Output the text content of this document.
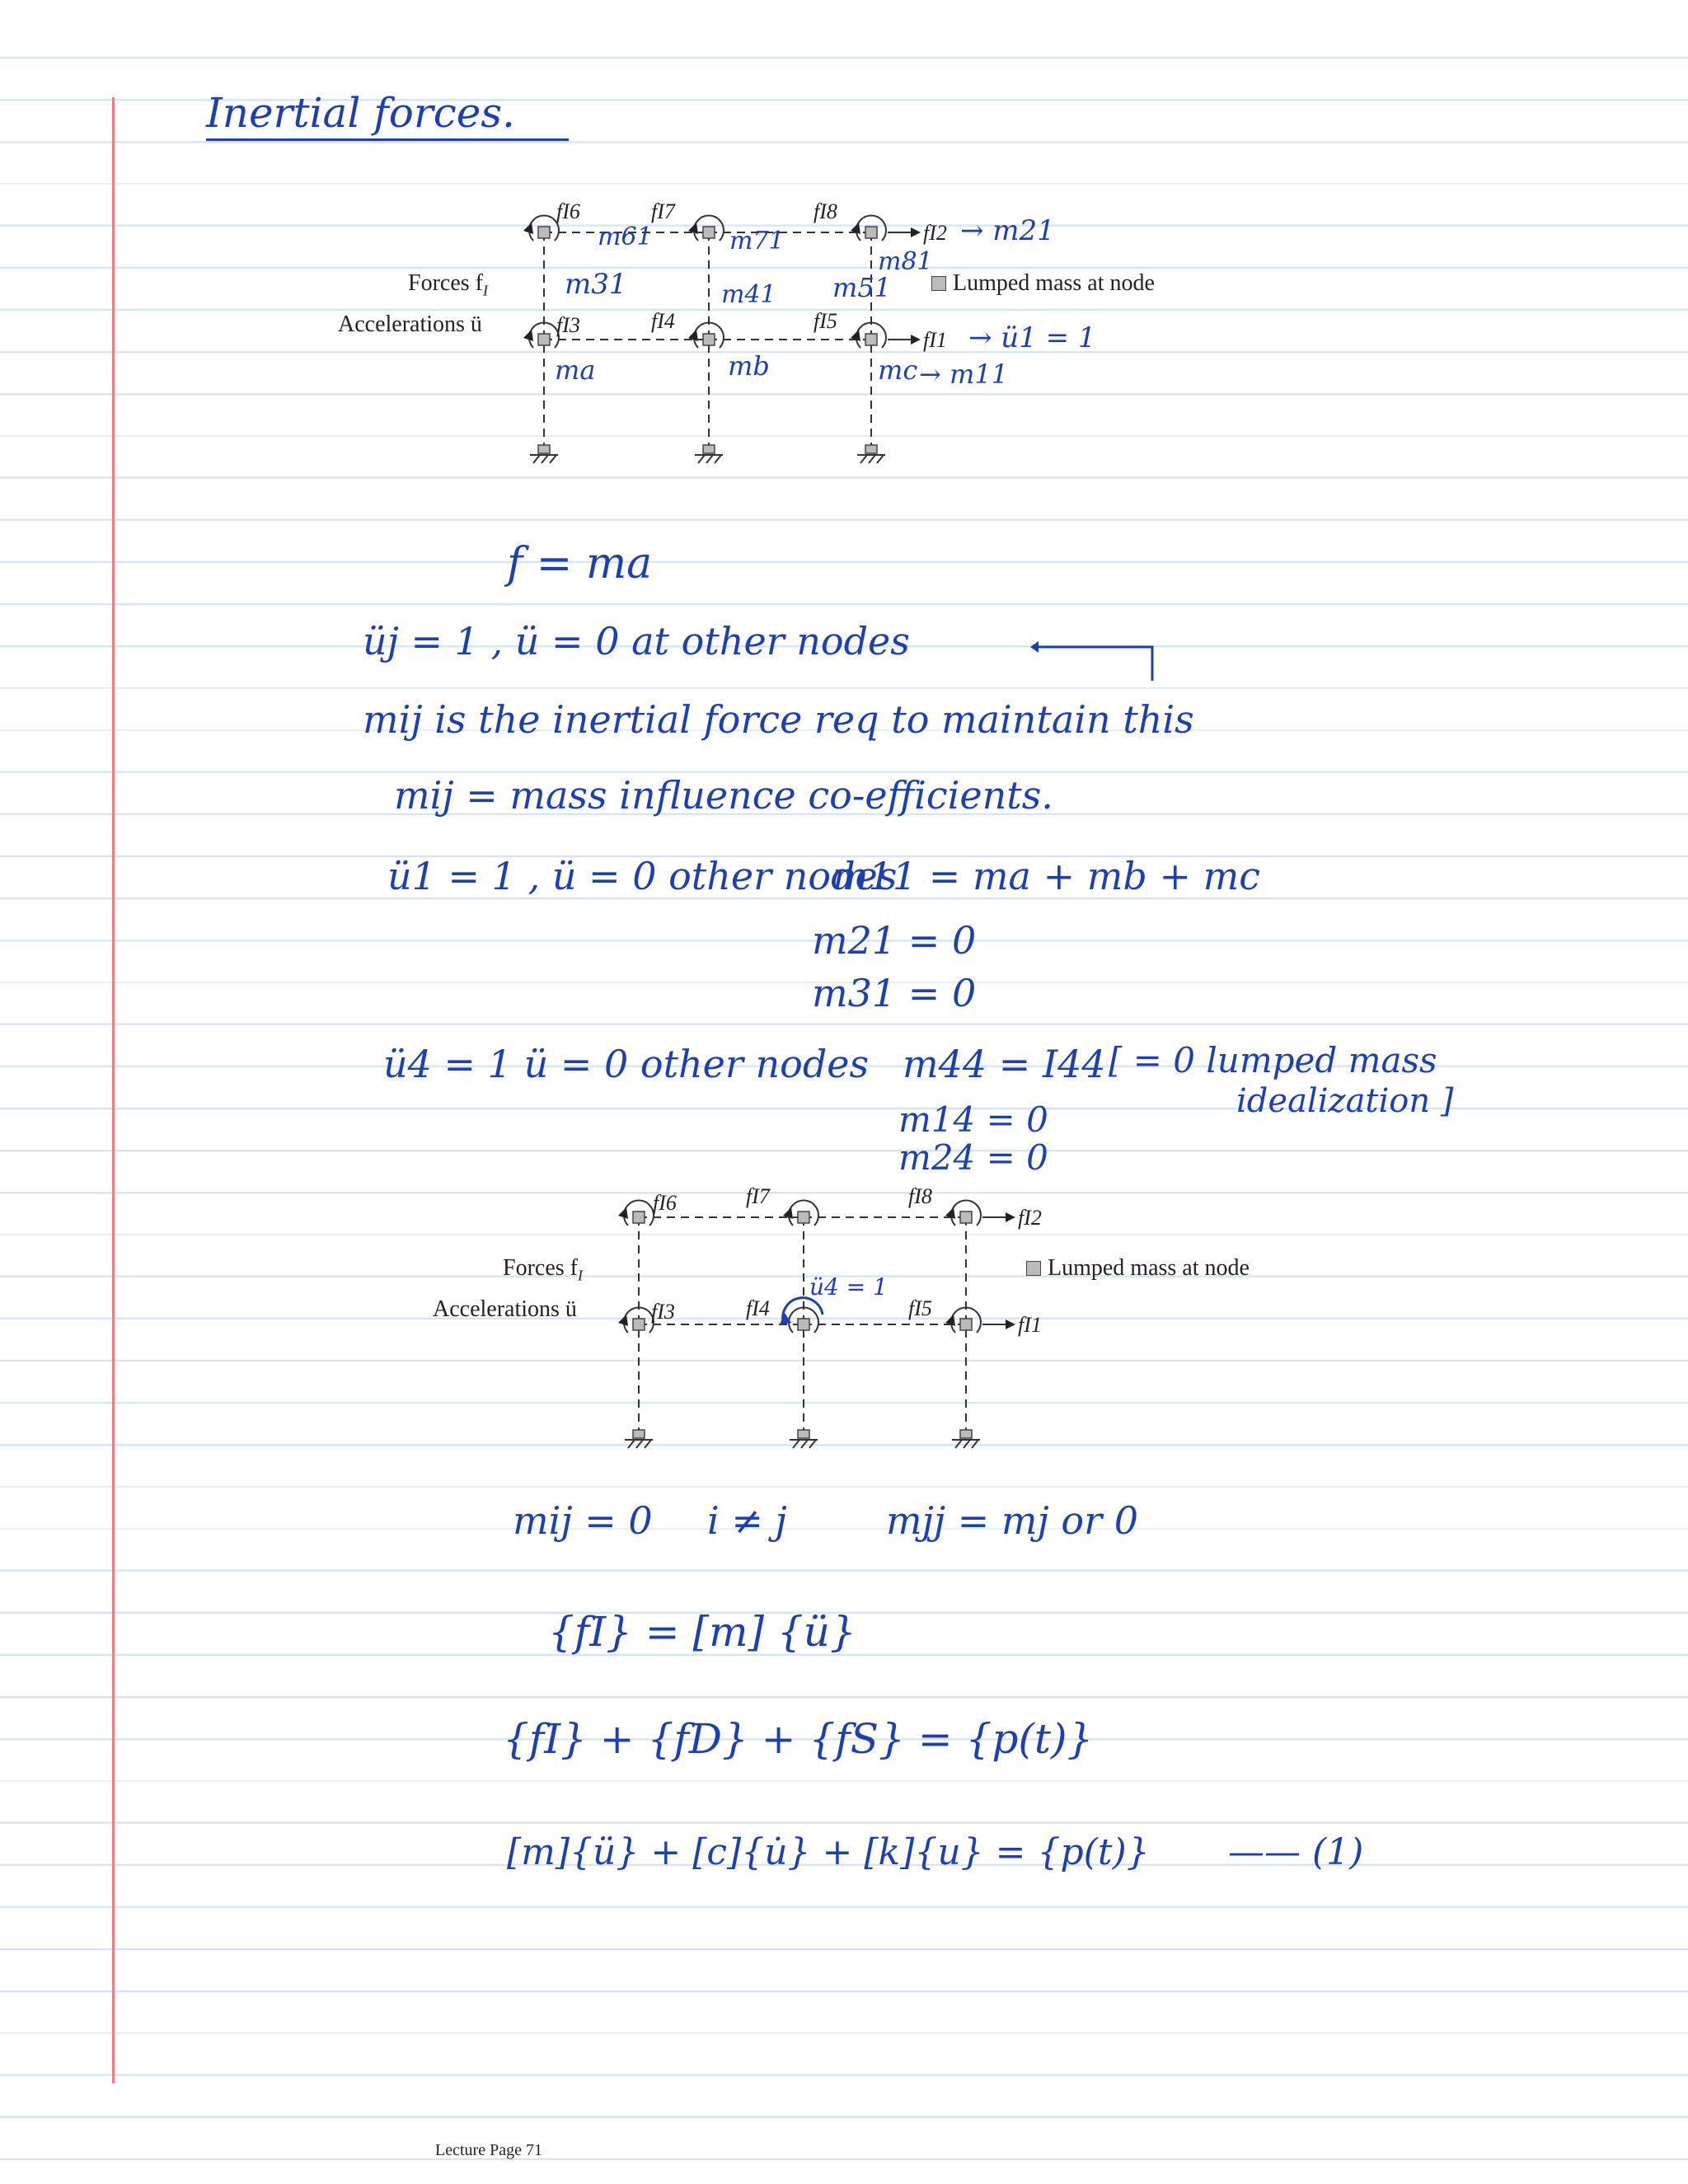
Inertial forces.
Forces $f_I$
Accelerations ü
Lumped mass at node
fI6	fI7	fI8
fI2
fI3	fI4	fI5
fI1
m61	m71
m81
→ m21
m31	m41 m51
ma	mb	mc → m11
→ ü1 = 1
f = ma
üj = 1 , ü = 0 at other nodes
mij is the inertial force req to maintain this
mij = mass influence co-efficients.
ü1 = 1 , ü = 0 other nodes
m11 = ma + mb + mc
m21 = 0
m31 = 0
ü4 = 1 ü = 0 other nodes m44 = I44 [ = 0 lumped mass
idealization ]
m14 = 0
m24 = 0
Forces $f_I$
Accelerations ü
Lumped mass at node
fI6	fI7	fI8
fI2
fI3	fI4	fI5
fI1
ü4 = 1
mij = 0 i ≠ j	mjj = mj or 0
{fI} = [m] {ü}
{fI} + {fD} + {fS} = {p(t)}
[m]{ü} + [c]{u̇} + [k]{u} = {p(t)} —— (1)
Lecture Page 71
